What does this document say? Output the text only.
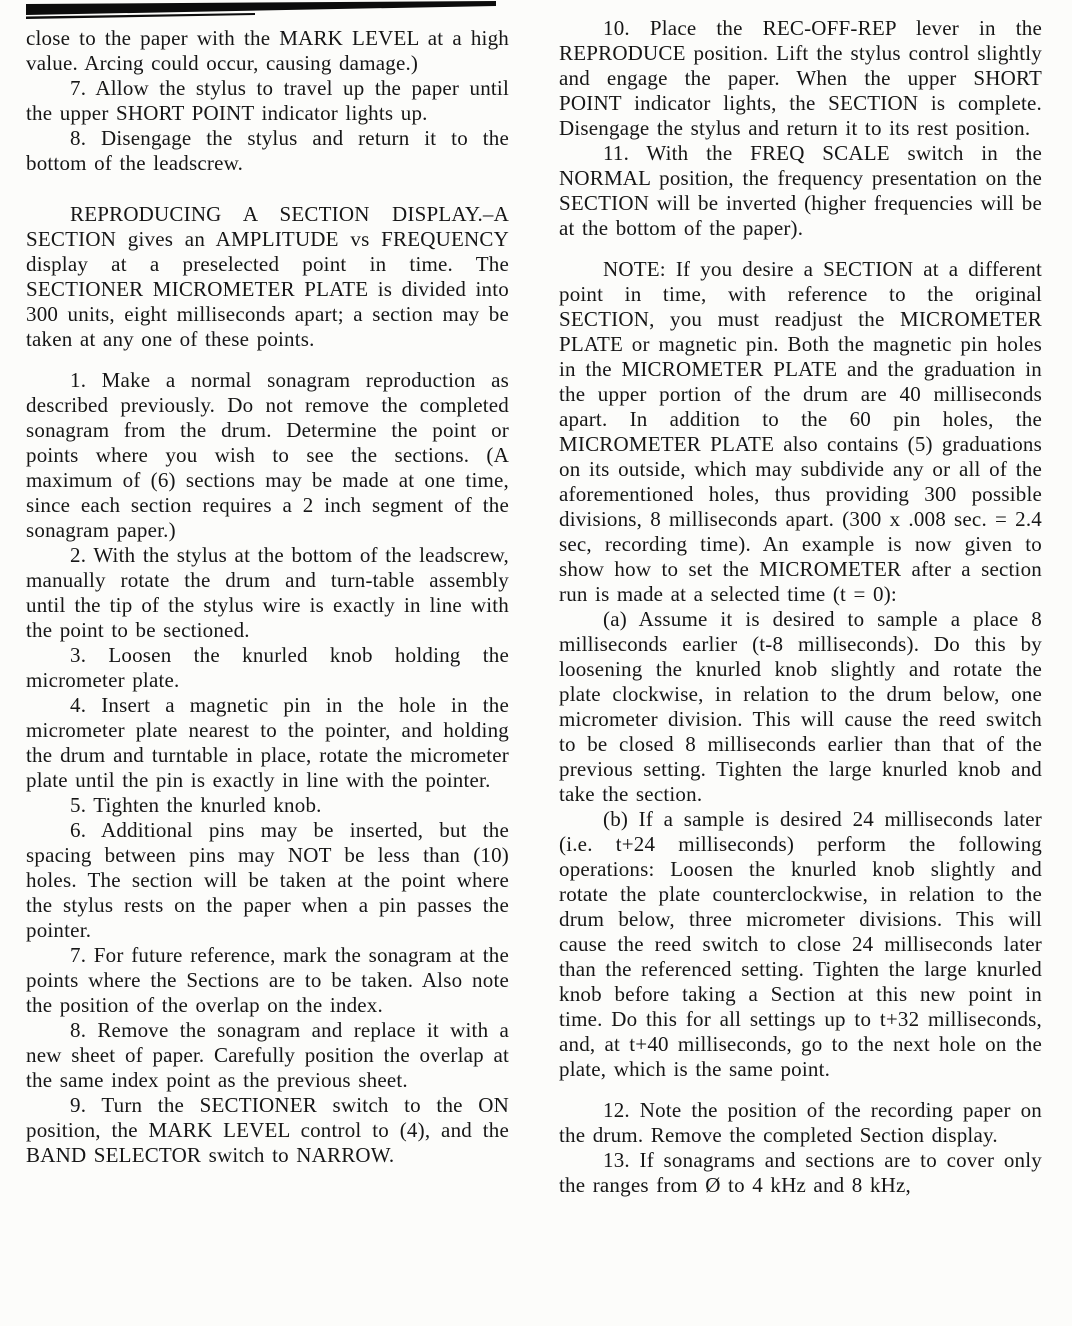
close to the paper with the MARK LEVEL at a high value. Arcing could occur, causing damage.)

7. Allow the stylus to travel up the paper until the upper SHORT POINT indicator lights up.

8. Disengage the stylus and return it to the bottom of the leadscrew.

REPRODUCING A SECTION DISPLAY.–A SECTION gives an AMPLITUDE vs FREQUENCY display at a preselected point in time. The SECTIONER MICROMETER PLATE is divided into 300 units, eight milliseconds apart; a section may be taken at any one of these points.

1. Make a normal sonagram reproduction as described previously. Do not remove the completed sonagram from the drum. Determine the point or points where you wish to see the sections. (A maximum of (6) sections may be made at one time, since each section requires a 2 inch segment of the sonagram paper.)

2. With the stylus at the bottom of the leadscrew, manually rotate the drum and turn-table assembly until the tip of the stylus wire is exactly in line with the point to be sectioned.

3. Loosen the knurled knob holding the micrometer plate.

4. Insert a magnetic pin in the hole in the micrometer plate nearest to the pointer, and holding the drum and turntable in place, rotate the micrometer plate until the pin is exactly in line with the pointer.

5. Tighten the knurled knob.

6. Additional pins may be inserted, but the spacing between pins may NOT be less than (10) holes. The section will be taken at the point where the stylus rests on the paper when a pin passes the pointer.

7. For future reference, mark the sonagram at the points where the Sections are to be taken. Also note the position of the overlap on the index.

8. Remove the sonagram and replace it with a new sheet of paper. Carefully position the overlap at the same index point as the previous sheet.

9. Turn the SECTIONER switch to the ON position, the MARK LEVEL control to (4), and the BAND SELECTOR switch to NARROW.

10. Place the REC-OFF-REP lever in the REPRODUCE position. Lift the stylus control slightly and engage the paper. When the upper SHORT POINT indicator lights, the SECTION is complete. Disengage the stylus and return it to its rest position.

11. With the FREQ SCALE switch in the NORMAL position, the frequency presentation on the SECTION will be inverted (higher frequencies will be at the bottom of the paper).

NOTE: If you desire a SECTION at a different point in time, with reference to the original SECTION, you must readjust the MICROMETER PLATE or magnetic pin. Both the magnetic pin holes in the MICROMETER PLATE and the graduation in the upper portion of the drum are 40 milliseconds apart. In addition to the 60 pin holes, the MICROMETER PLATE also contains (5) graduations on its outside, which may subdivide any or all of the aforementioned holes, thus providing 300 possible divisions, 8 milliseconds apart. (300 x .008 sec. = 2.4 sec, recording time). An example is now given to show how to set the MICROMETER after a section run is made at a selected time (t = 0):

(a) Assume it is desired to sample a place 8 milliseconds earlier (t-8 milliseconds). Do this by loosening the knurled knob slightly and rotate the plate clockwise, in relation to the drum below, one micrometer division. This will cause the reed switch to be closed 8 milliseconds earlier than that of the previous setting. Tighten the large knurled knob and take the section.

(b) If a sample is desired 24 milliseconds later (i.e. t+24 milliseconds) perform the following operations: Loosen the knurled knob slightly and rotate the plate counterclockwise, in relation to the drum below, three micrometer divisions. This will cause the reed switch to close 24 milliseconds later than the referenced setting. Tighten the large knurled knob before taking a Section at this new point in time. Do this for all settings up to t+32 milliseconds, and, at t+40 milliseconds, go to the next hole on the plate, which is the same point.

12. Note the position of the recording paper on the drum. Remove the completed Section display.

13. If sonagrams and sections are to cover only the ranges from Ø to 4 kHz and 8 kHz,
